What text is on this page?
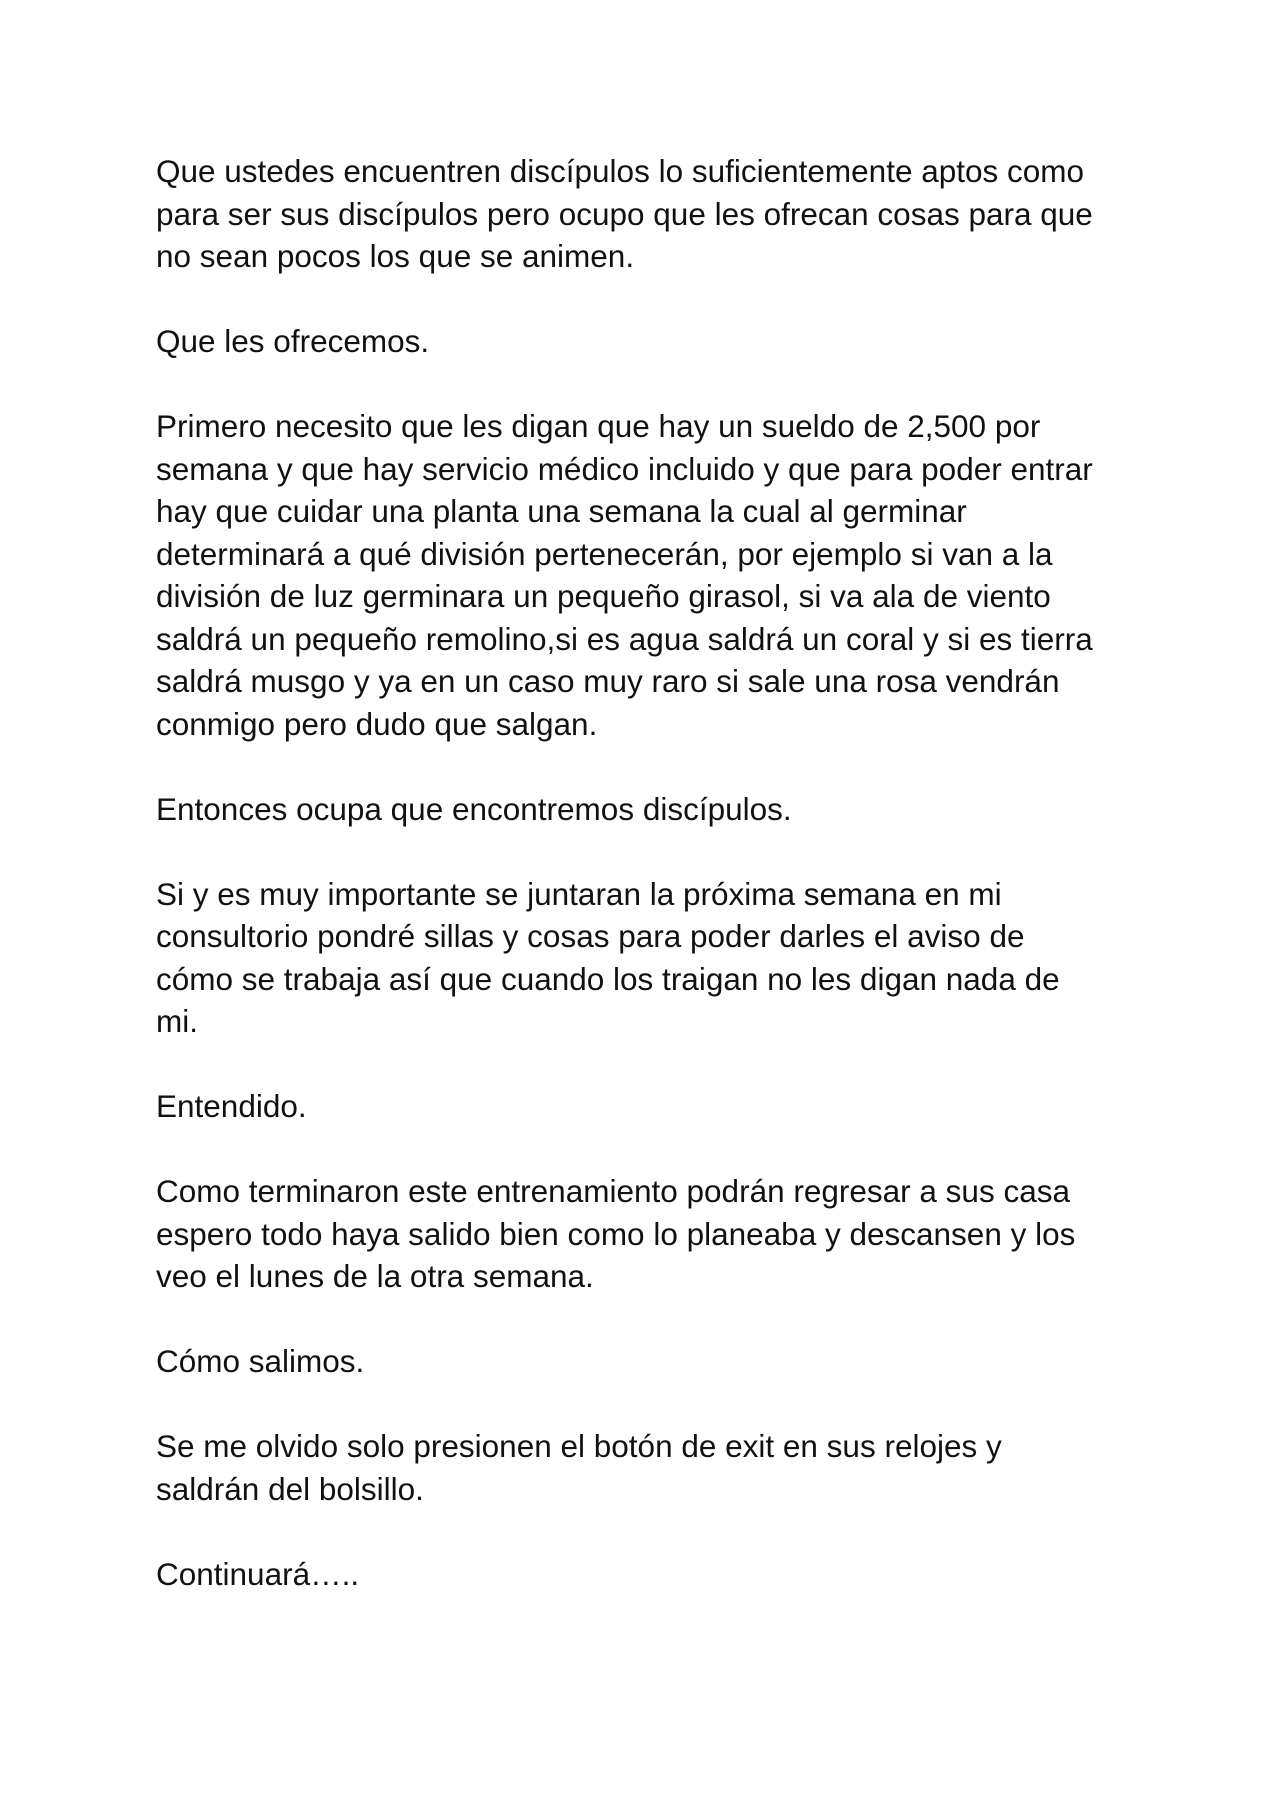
Que ustedes encuentren discípulos lo suficientemente aptos como
para ser sus discípulos pero ocupo que les ofrecan cosas para que
no sean pocos los que se animen.

Que les ofrecemos.

Primero necesito que les digan que hay un sueldo de 2,500 por
semana y que hay servicio médico incluido y que para poder entrar
hay que cuidar una planta una semana la cual al germinar
determinará a qué división pertenecerán, por ejemplo si van a la
división de luz germinara un pequeño girasol, si va ala de viento
saldrá un pequeño remolino,si es agua saldrá un coral y si es tierra
saldrá musgo y ya en un caso muy raro si sale una rosa vendrán
conmigo pero dudo que salgan.

Entonces ocupa que encontremos discípulos.

Si y es muy importante se juntaran la próxima semana en mi
consultorio pondré sillas y cosas para poder darles el aviso de
cómo se trabaja así que cuando los traigan no les digan nada de
mi.

Entendido.

Como terminaron este entrenamiento podrán regresar a sus casa
espero todo haya salido bien como lo planeaba y descansen y los
veo el lunes de la otra semana.

Cómo salimos.

Se me olvido solo presionen el botón de exit en sus relojes y
saldrán del bolsillo.

Continuará…..
